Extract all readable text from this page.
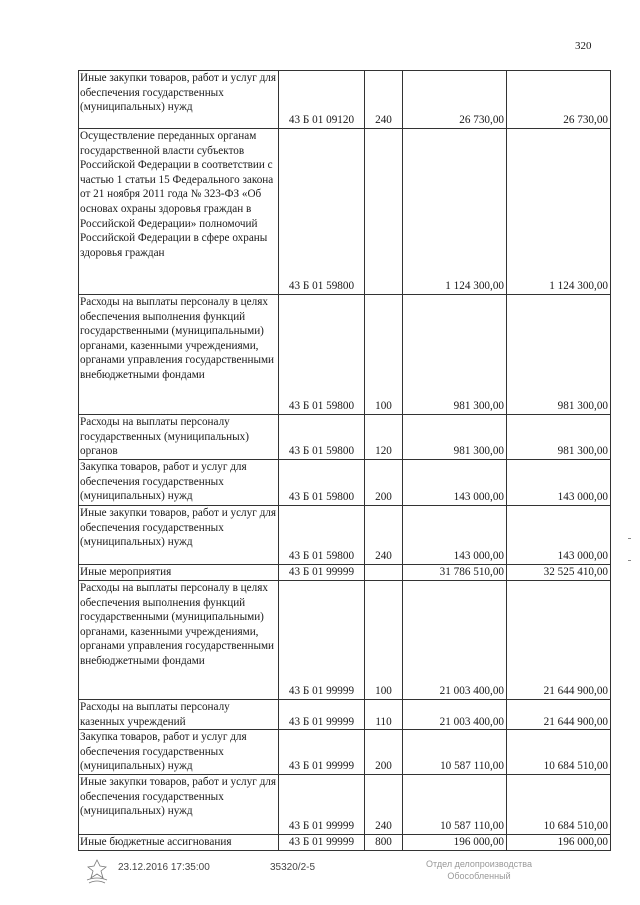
320
Иные закупки товаров, работ и услуг для обеспечения государственных (муниципальных) нужд	43 Б 01 09120	240	26 730,00	26 730,00
Осуществление переданных органам государственной власти субъектов Российской Федерации в соответствии с частью 1 статьи 15 Федерального закона от 21 ноября 2011 года № 323-ФЗ «Об основах охраны здоровья граждан в Российской Федерации» полномочий Российской Федерации в сфере охраны здоровья граждан	43 Б 01 59800		1 124 300,00	1 124 300,00
Расходы на выплаты персоналу в целях обеспечения выполнения функций государственными (муниципальными) органами, казенными учреждениями, органами управления государственными внебюджетными фондами	43 Б 01 59800	100	981 300,00	981 300,00
Расходы на выплаты персоналу государственных (муниципальных) органов	43 Б 01 59800	120	981 300,00	981 300,00
Закупка товаров, работ и услуг для обеспечения государственных (муниципальных) нужд	43 Б 01 59800	200	143 000,00	143 000,00
Иные закупки товаров, работ и услуг для обеспечения государственных (муниципальных) нужд	43 Б 01 59800	240	143 000,00	143 000,00
Иные мероприятия	43 Б 01 99999		31 786 510,00	32 525 410,00
Расходы на выплаты персоналу в целях обеспечения выполнения функций государственными (муниципальными) органами, казенными учреждениями, органами управления государственными внебюджетными фондами	43 Б 01 99999	100	21 003 400,00	21 644 900,00
Расходы на выплаты персоналу казенных учреждений	43 Б 01 99999	110	21 003 400,00	21 644 900,00
Закупка товаров, работ и услуг для обеспечения государственных (муниципальных) нужд	43 Б 01 99999	200	10 587 110,00	10 684 510,00
Иные закупки товаров, работ и услуг для обеспечения государственных (муниципальных) нужд	43 Б 01 99999	240	10 587 110,00	10 684 510,00
Иные бюджетные ассигнования	43 Б 01 99999	800	196 000,00	196 000,00
23.12.2016 17:35:00	35320/2-5	Отдел делопроизводства
Обособленный
